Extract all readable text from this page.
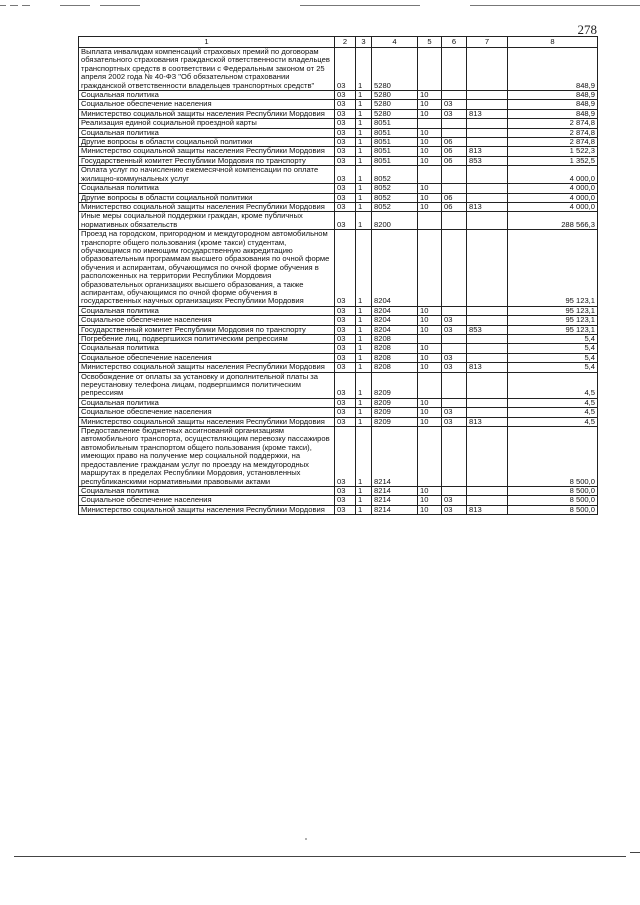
278
1	2	3	4	5	6	7	8
Выплата инвалидам компенсаций страховых премий по договорам обязательного страхования гражданской ответственности владельцев транспортных средств в соответствии с Федеральным законом от 25 апреля 2002 года № 40-ФЗ "Об обязательном страховании гражданской ответственности владельцев транспортных средств"	03	1	5280				848,9
Социальная политика	03	1	5280	10			848,9
Социальное обеспечение населения	03	1	5280	10	03		848,9
Министерство социальной защиты населения Республики Мордовия	03	1	5280	10	03	813	848,9
Реализация единой социальной проездной карты	03	1	8051				2 874,8
Социальная политика	03	1	8051	10			2 874,8
Другие вопросы в области социальной политики	03	1	8051	10	06		2 874,8
Министерство социальной защиты населения Республики Мордовия	03	1	8051	10	06	813	1 522,3
Государственный комитет Республики Мордовия по транспорту	03	1	8051	10	06	853	1 352,5
Оплата услуг по начислению ежемесячной компенсации по оплате жилищно-коммунальных услуг	03	1	8052				4 000,0
Социальная политика	03	1	8052	10			4 000,0
Другие вопросы в области социальной политики	03	1	8052	10	06		4 000,0
Министерство социальной защиты населения Республики Мордовия	03	1	8052	10	06	813	4 000,0
Иные меры социальной поддержки граждан, кроме публичных нормативных обязательств	03	1	8200				288 566,3
Проезд на городском, пригородном и междугородном автомобильном транспорте общего пользования (кроме такси) студентам, обучающимся по имеющим государственную аккредитацию образовательным программам высшего образования по очной форме обучения и аспирантам, обучающимся по очной форме обучения в расположенных на территории Республики Мордовия образовательных организациях высшего образования, а также аспирантам, обучающимся по очной форме обучения в государственных научных организациях Республики Мордовия	03	1	8204				95 123,1
Социальная политика	03	1	8204	10			95 123,1
Социальное обеспечение населения	03	1	8204	10	03		95 123,1
Государственный комитет Республики Мордовия по транспорту	03	1	8204	10	03	853	95 123,1
Погребение лиц, подвергшихся политическим репрессиям	03	1	8208				5,4
Социальная политика	03	1	8208	10			5,4
Социальное обеспечение населения	03	1	8208	10	03		5,4
Министерство социальной защиты населения Республики Мордовия	03	1	8208	10	03	813	5,4
Освобождение от оплаты за установку и дополнительной платы за переустановку телефона лицам, подвергшимся политическим репрессиям	03	1	8209				4,5
Социальная политика	03	1	8209	10			4,5
Социальное обеспечение населения	03	1	8209	10	03		4,5
Министерство социальной защиты населения Республики Мордовия	03	1	8209	10	03	813	4,5
Предоставление бюджетных ассигнований организациям автомобильного транспорта, осуществляющим перевозку пассажиров автомобильным транспортом общего пользования (кроме такси), имеющих право на получение мер социальной поддержки, на предоставление гражданам услуг по проезду на междугородных маршрутах в пределах Республики Мордовия, установленных республиканскими нормативными правовыми актами	03	1	8214				8 500,0
Социальная политика	03	1	8214	10			8 500,0
Социальное обеспечение населения	03	1	8214	10	03		8 500,0
Министерство социальной защиты населения Республики Мордовия	03	1	8214	10	03	813	8 500,0
